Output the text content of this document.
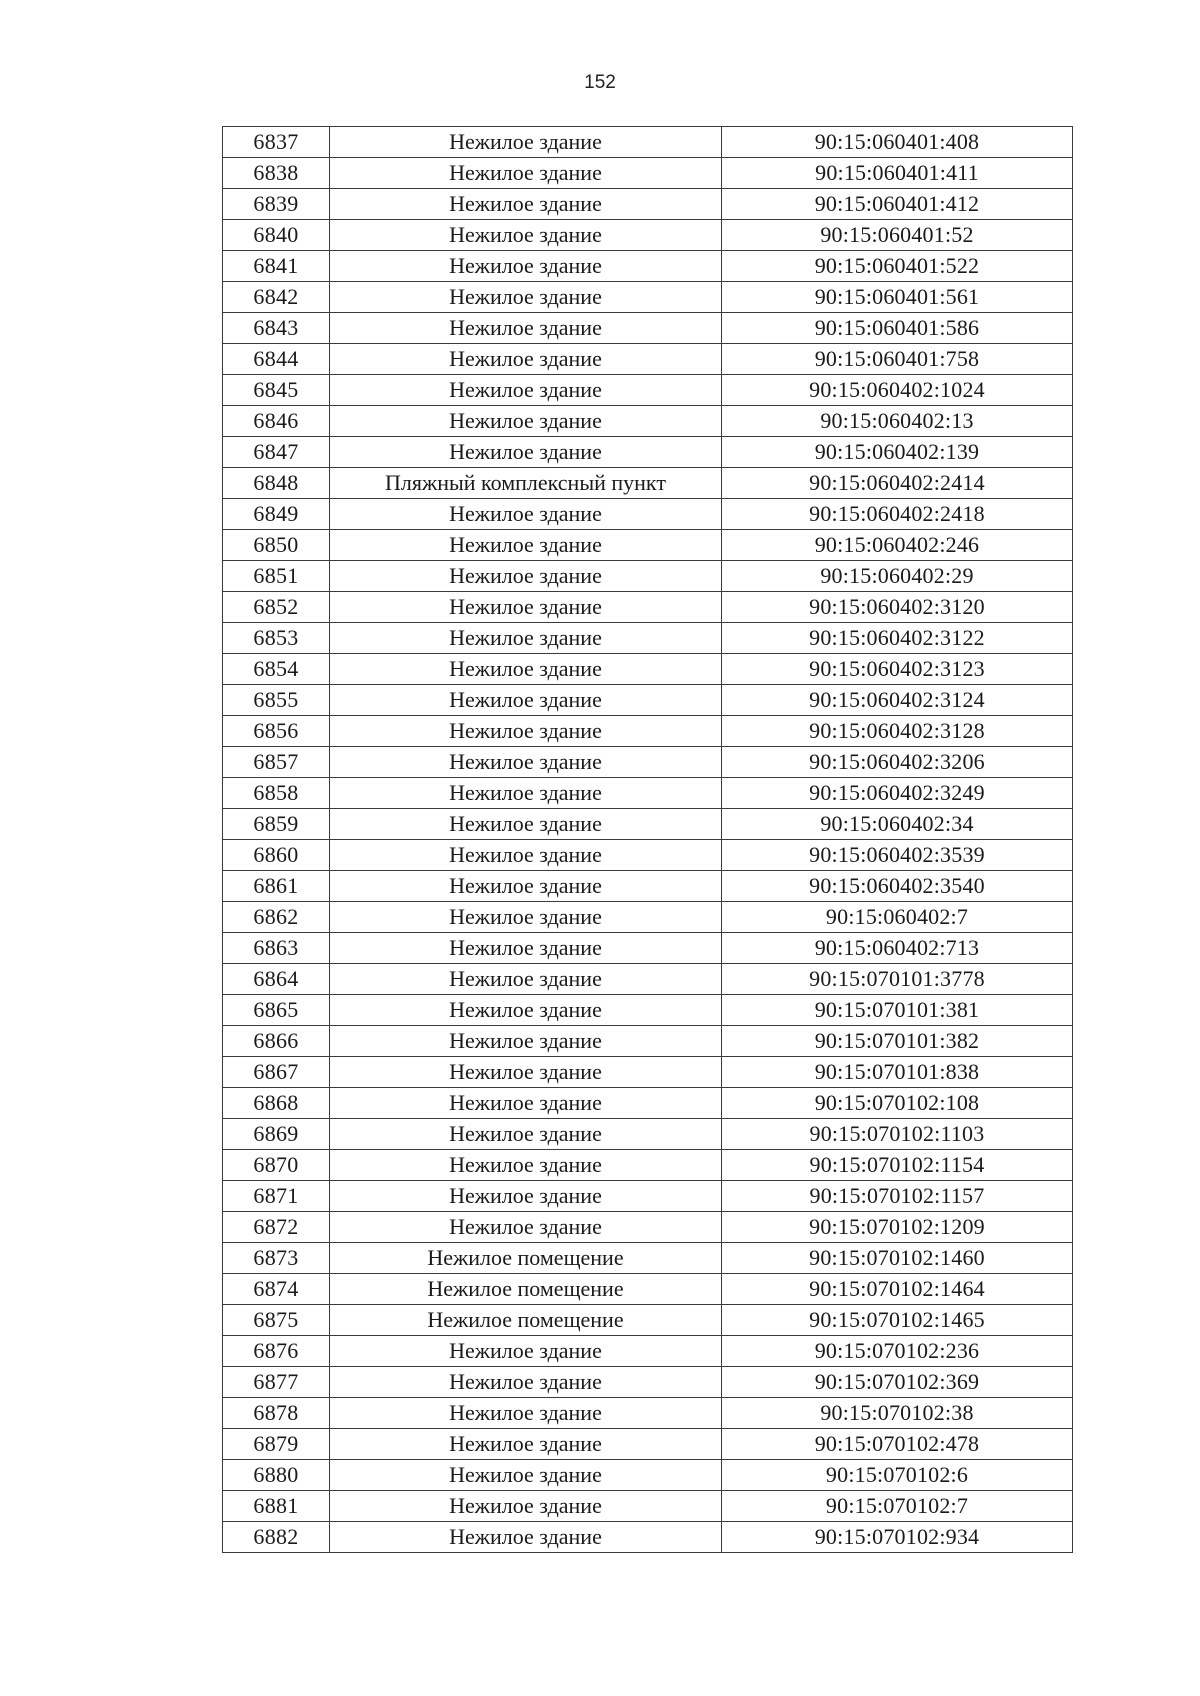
152
6837	Нежилое здание	90:15:060401:408
6838	Нежилое здание	90:15:060401:411
6839	Нежилое здание	90:15:060401:412
6840	Нежилое здание	90:15:060401:52
6841	Нежилое здание	90:15:060401:522
6842	Нежилое здание	90:15:060401:561
6843	Нежилое здание	90:15:060401:586
6844	Нежилое здание	90:15:060401:758
6845	Нежилое здание	90:15:060402:1024
6846	Нежилое здание	90:15:060402:13
6847	Нежилое здание	90:15:060402:139
6848	Пляжный комплексный пункт	90:15:060402:2414
6849	Нежилое здание	90:15:060402:2418
6850	Нежилое здание	90:15:060402:246
6851	Нежилое здание	90:15:060402:29
6852	Нежилое здание	90:15:060402:3120
6853	Нежилое здание	90:15:060402:3122
6854	Нежилое здание	90:15:060402:3123
6855	Нежилое здание	90:15:060402:3124
6856	Нежилое здание	90:15:060402:3128
6857	Нежилое здание	90:15:060402:3206
6858	Нежилое здание	90:15:060402:3249
6859	Нежилое здание	90:15:060402:34
6860	Нежилое здание	90:15:060402:3539
6861	Нежилое здание	90:15:060402:3540
6862	Нежилое здание	90:15:060402:7
6863	Нежилое здание	90:15:060402:713
6864	Нежилое здание	90:15:070101:3778
6865	Нежилое здание	90:15:070101:381
6866	Нежилое здание	90:15:070101:382
6867	Нежилое здание	90:15:070101:838
6868	Нежилое здание	90:15:070102:108
6869	Нежилое здание	90:15:070102:1103
6870	Нежилое здание	90:15:070102:1154
6871	Нежилое здание	90:15:070102:1157
6872	Нежилое здание	90:15:070102:1209
6873	Нежилое помещение	90:15:070102:1460
6874	Нежилое помещение	90:15:070102:1464
6875	Нежилое помещение	90:15:070102:1465
6876	Нежилое здание	90:15:070102:236
6877	Нежилое здание	90:15:070102:369
6878	Нежилое здание	90:15:070102:38
6879	Нежилое здание	90:15:070102:478
6880	Нежилое здание	90:15:070102:6
6881	Нежилое здание	90:15:070102:7
6882	Нежилое здание	90:15:070102:934
